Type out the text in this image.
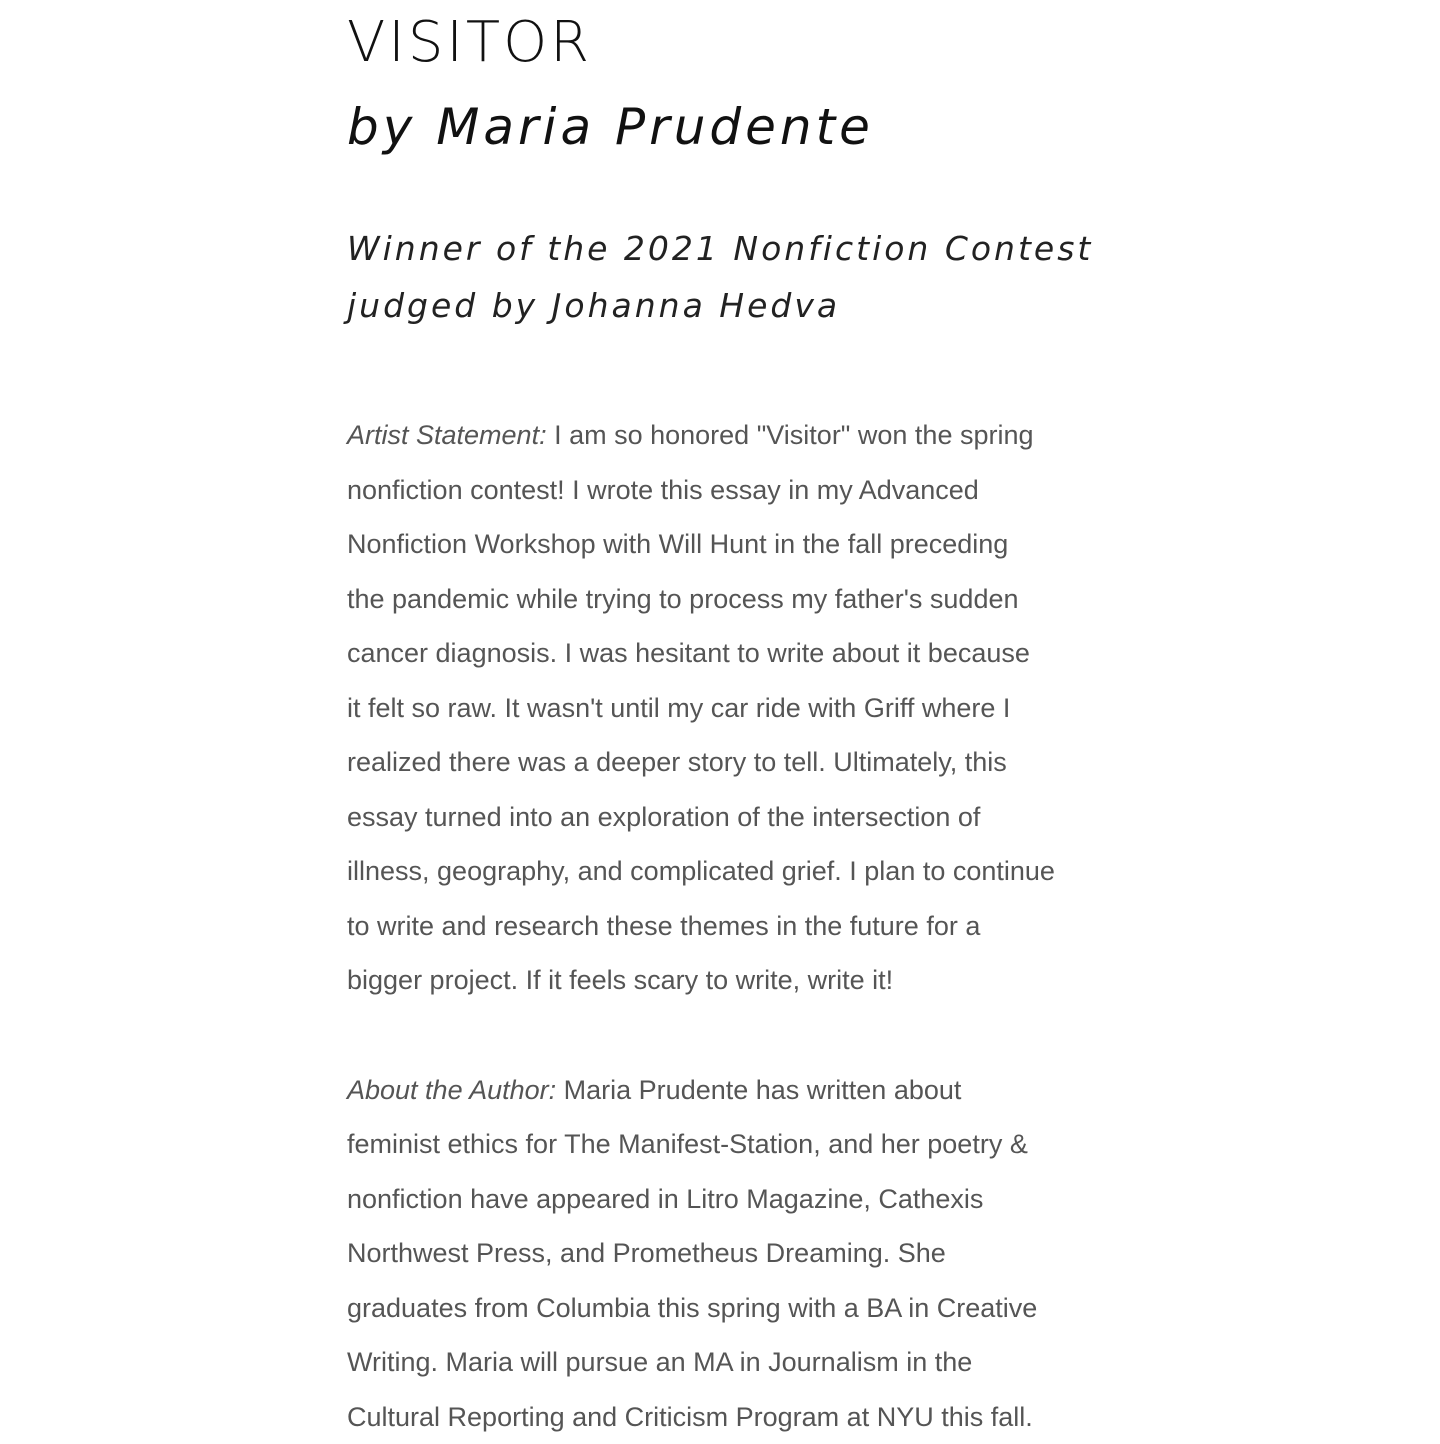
VISITOR
by Maria Prudente
Winner of the 2021 Nonfiction Contest
judged by Johanna Hedva

Artist Statement: I am so honored "Visitor" won the spring
nonfiction contest! I wrote this essay in my Advanced
Nonfiction Workshop with Will Hunt in the fall preceding
the pandemic while trying to process my father's sudden
cancer diagnosis. I was hesitant to write about it because
it felt so raw. It wasn't until my car ride with Griff where I
realized there was a deeper story to tell. Ultimately, this
essay turned into an exploration of the intersection of
illness, geography, and complicated grief. I plan to continue
to write and research these themes in the future for a
bigger project. If it feels scary to write, write it!

About the Author: Maria Prudente has written about
feminist ethics for The Manifest-Station, and her poetry &
nonfiction have appeared in Litro Magazine, Cathexis
Northwest Press, and Prometheus Dreaming. She
graduates from Columbia this spring with a BA in Creative
Writing. Maria will pursue an MA in Journalism in the
Cultural Reporting and Criticism Program at NYU this fall.
